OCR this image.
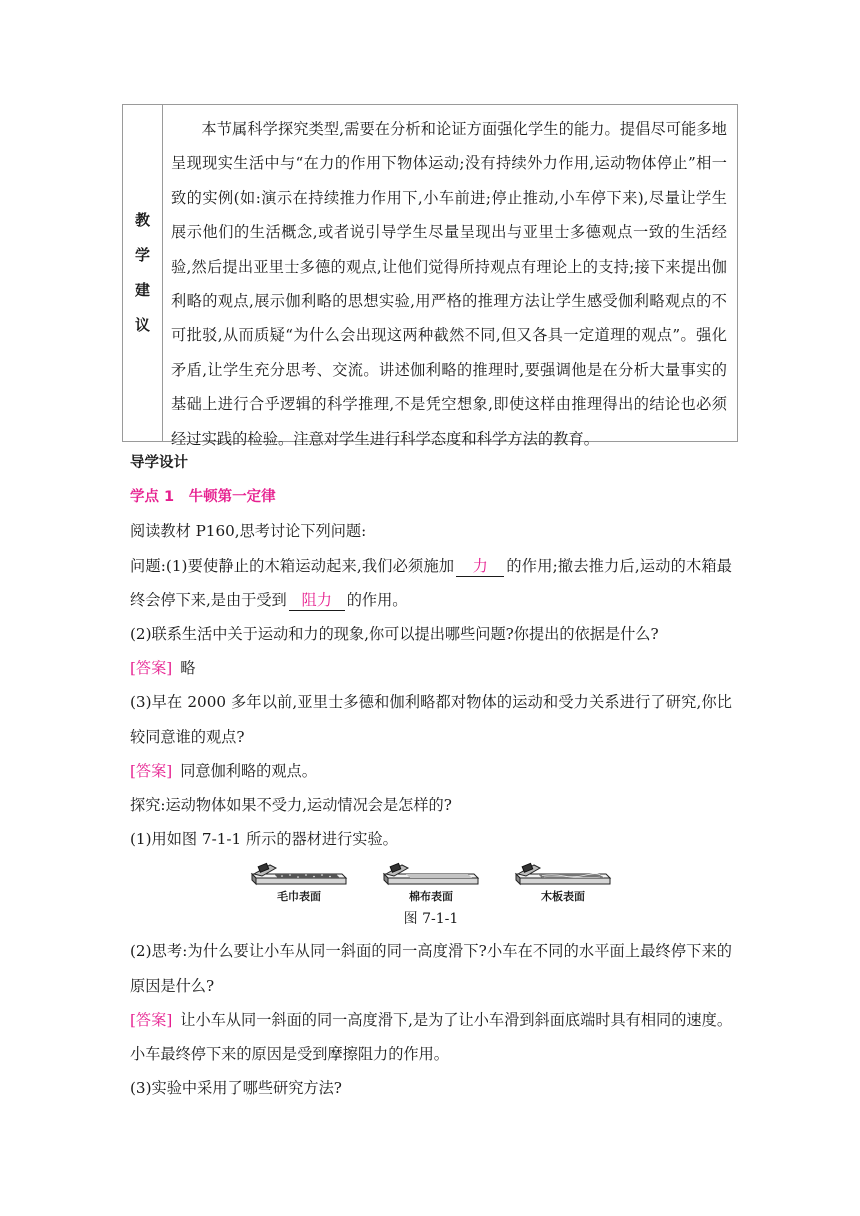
教
学
建
议
本节属科学探究类型,需要在分析和论证方面强化学生的能力。提倡尽可能多地呈现现实生活中与“在力的作用下物体运动;没有持续外力作用,运动物体停止”相一致的实例(如:演示在持续推力作用下,小车前进;停止推动,小车停下来),尽量让学生展示他们的生活概念,或者说引导学生尽量呈现出与亚里士多德观点一致的生活经验,然后提出亚里士多德的观点,让他们觉得所持观点有理论上的支持;接下来提出伽利略的观点,展示伽利略的思想实验,用严格的推理方法让学生感受伽利略观点的不可批驳,从而质疑“为什么会出现这两种截然不同,但又各具一定道理的观点”。强化矛盾,让学生充分思考、交流。讲述伽利略的推理时,要强调他是在分析大量事实的基础上进行合乎逻辑的科学推理,不是凭空想象,即使这样由推理得出的结论也必须经过实践的检验。注意对学生进行科学态度和科学方法的教育。
导学设计
学点 1　牛顿第一定律
阅读教材 P160,思考讨论下列问题:
问题:(1)要使静止的木箱运动起来,我们必须施加 力 的作用;撤去推力后,运动的木箱最终会停下来,是由于受到 阻力 的作用。
(2)联系生活中关于运动和力的现象,你可以提出哪些问题?你提出的依据是什么?
[答案] 略
(3)早在 2000 多年以前,亚里士多德和伽利略都对物体的运动和受力关系进行了研究,你比较同意谁的观点?
[答案] 同意伽利略的观点。
探究:运动物体如果不受力,运动情况会是怎样的?
(1)用如图 7-1-1 所示的器材进行实验。
毛巾表面	棉布表面	木板表面
图 7-1-1
(2)思考:为什么要让小车从同一斜面的同一高度滑下?小车在不同的水平面上最终停下来的原因是什么?
[答案] 让小车从同一斜面的同一高度滑下,是为了让小车滑到斜面底端时具有相同的速度。小车最终停下来的原因是受到摩擦阻力的作用。
(3)实验中采用了哪些研究方法?
